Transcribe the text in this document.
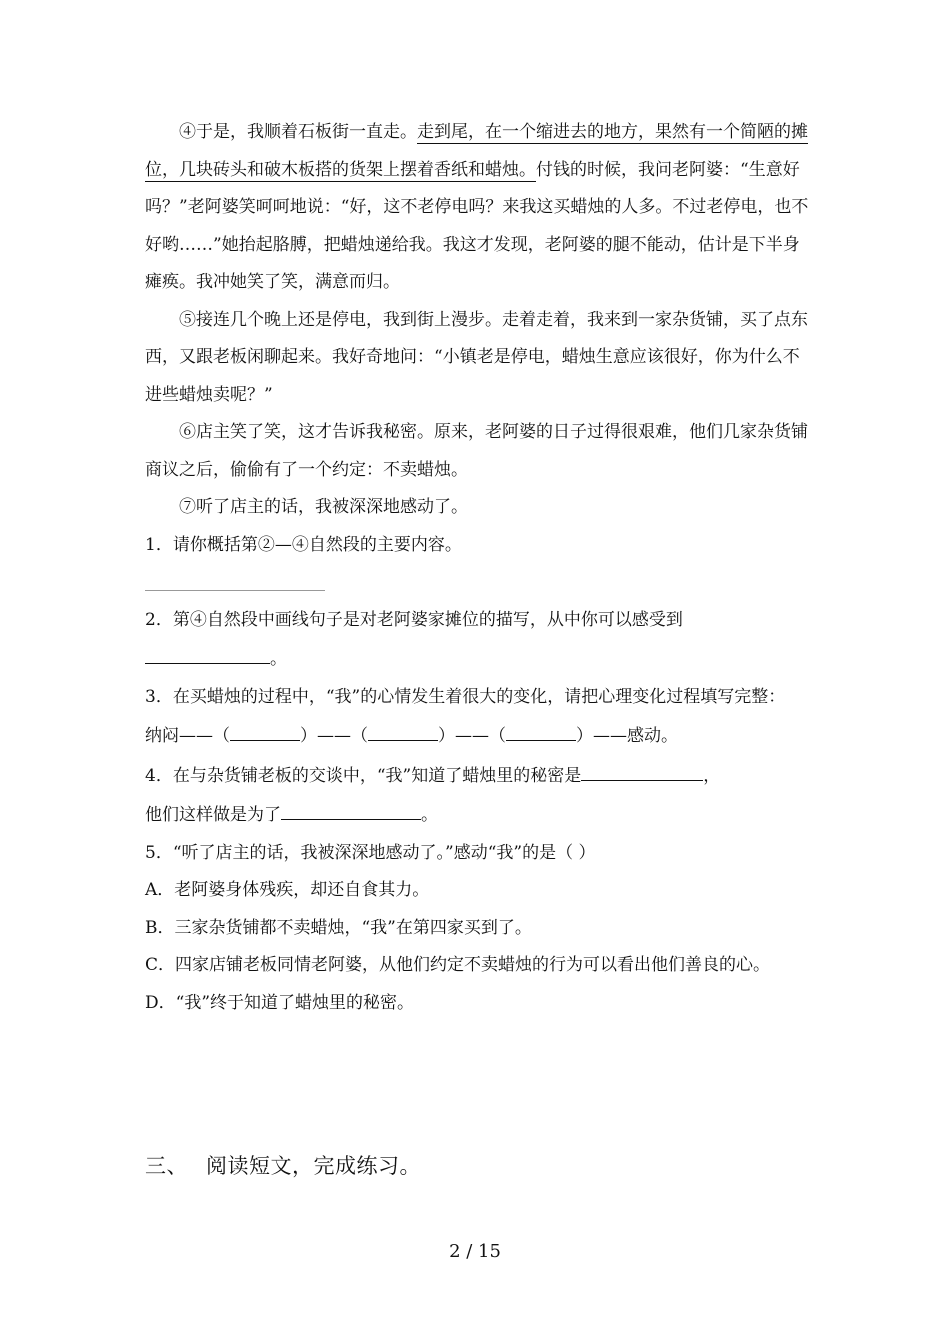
④于是，我顺着石板街一直走。走到尾，在一个缩进去的地方，果然有一个简陋的摊位，几块砖头和破木板搭的货架上摆着香纸和蜡烛。付钱的时候，我问老阿婆：“生意好吗？”老阿婆笑呵呵地说：“好，这不老停电吗？来我这买蜡烛的人多。不过老停电，也不好哟……”她抬起胳膊，把蜡烛递给我。我这才发现，老阿婆的腿不能动，估计是下半身瘫痪。我冲她笑了笑，满意而归。

⑤接连几个晚上还是停电，我到街上漫步。走着走着，我来到一家杂货铺，买了点东西，又跟老板闲聊起来。我好奇地问：“小镇老是停电，蜡烛生意应该很好，你为什么不进些蜡烛卖呢？”

⑥店主笑了笑，这才告诉我秘密。原来，老阿婆的日子过得很艰难，他们几家杂货铺商议之后，偷偷有了一个约定：不卖蜡烛。

⑦听了店主的话，我被深深地感动了。

1．请你概括第②—④自然段的主要内容。

2．第④自然段中画线句子是对老阿婆家摊位的描写，从中你可以感受到
。

3．在买蜡烛的过程中，“我”的心情发生着很大的变化，请把心理变化过程填写完整：

纳闷——（	）——（	）——（	）——感动。

4．在与杂货铺老板的交谈中，“我”知道了蜡烛里的秘密是	，
他们这样做是为了	。

5．“听了店主的话，我被深深地感动了。”感动“我”的是（ ）

A．老阿婆身体残疾，却还自食其力。

B．三家杂货铺都不卖蜡烛，“我”在第四家买到了。

C．四家店铺老板同情老阿婆，从他们约定不卖蜡烛的行为可以看出他们善良的心。

D．“我”终于知道了蜡烛里的秘密。

三、 阅读短文，完成练习。
2 / 15
